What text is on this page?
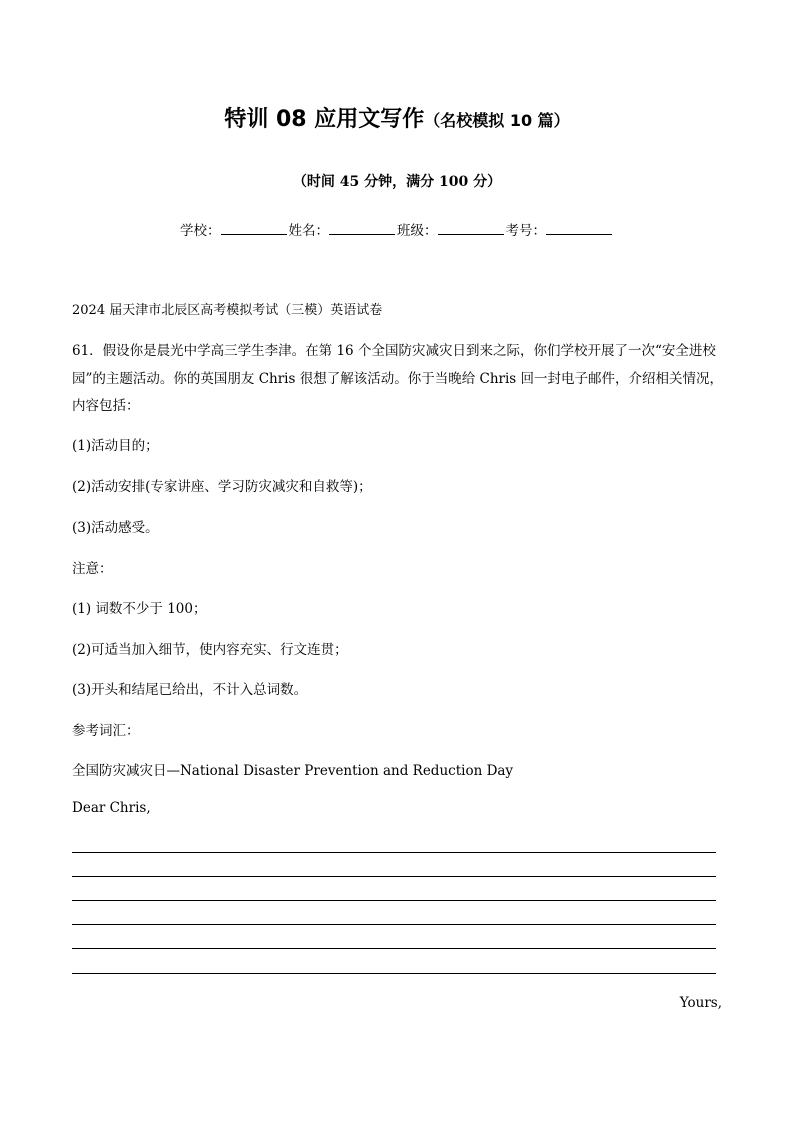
特训 08 应用文写作（名校模拟 10 篇）
（时间 45 分钟，满分 100 分）
学校：	姓名：	班级：	考号：
2024 届天津市北辰区高考模拟考试（三模）英语试卷
61．假设你是晨光中学高三学生李津。在第 16 个全国防灾减灾日到来之际，你们学校开展了一次“安全进校园”的主题活动。你的英国朋友 Chris 很想了解该活动。你于当晚给 Chris 回一封电子邮件，介绍相关情况，内容包括：
(1)活动目的；
(2)活动安排(专家讲座、学习防灾减灾和自救等)；
(3)活动感受。
注意：
(1) 词数不少于 100；
(2)可适当加入细节，使内容充实、行文连贯；
(3)开头和结尾已给出，不计入总词数。
参考词汇：
全国防灾减灾日—National Disaster Prevention and Reduction Day
Dear Chris,
Yours,
